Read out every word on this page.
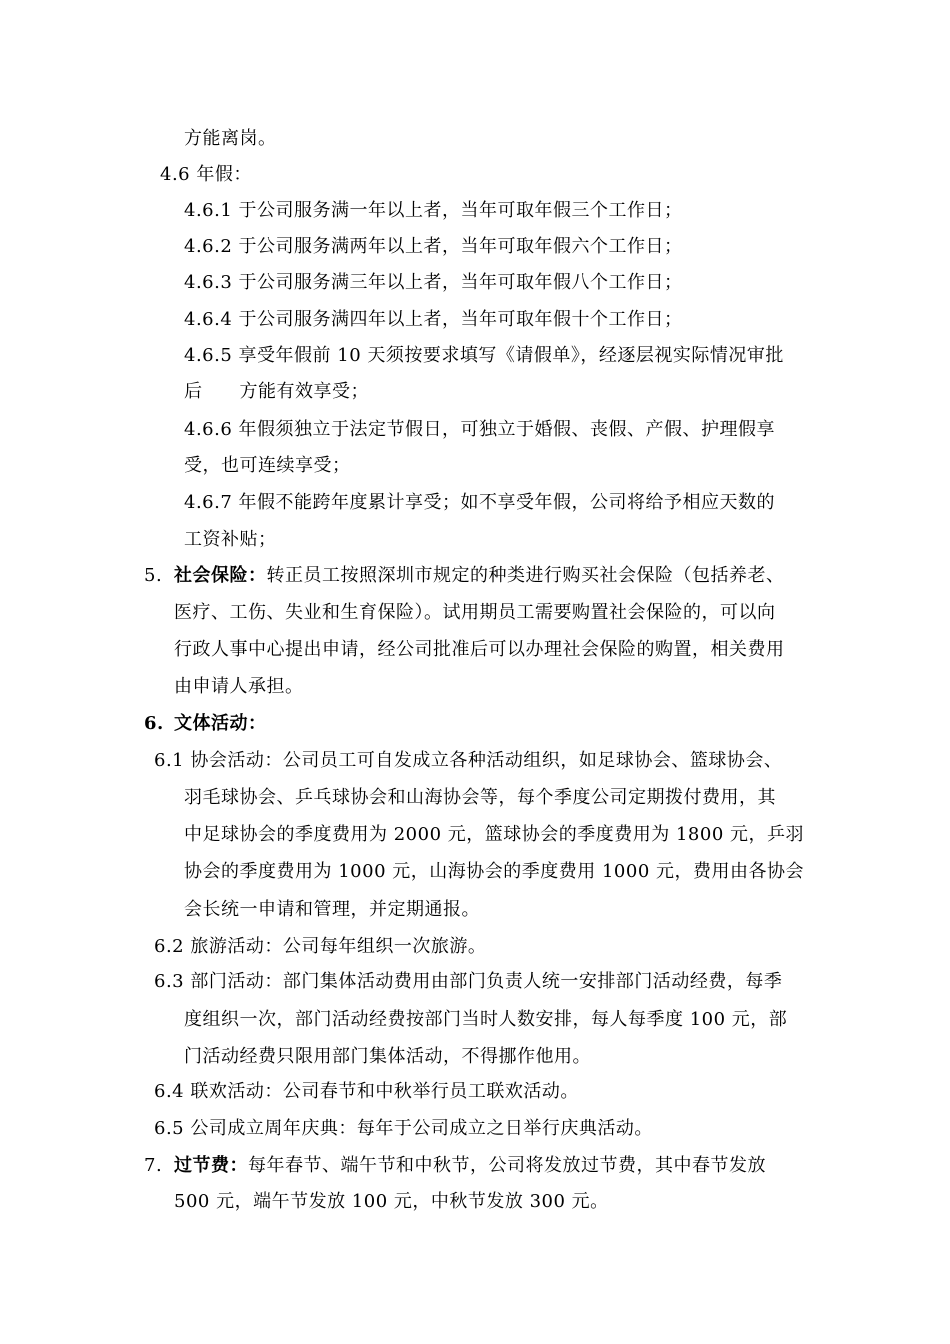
方能离岗。
4.6 年假：
4.6.1 于公司服务满一年以上者，当年可取年假三个工作日；
4.6.2 于公司服务满两年以上者，当年可取年假六个工作日；
4.6.3 于公司服务满三年以上者，当年可取年假八个工作日；
4.6.4 于公司服务满四年以上者，当年可取年假十个工作日；
4.6.5 享受年假前 10 天须按要求填写《请假单》，经逐层视实际情况审批
后　　方能有效享受；
4.6.6 年假须独立于法定节假日，可独立于婚假、丧假、产假、护理假享
受，也可连续享受；
4.6.7 年假不能跨年度累计享受；如不享受年假，公司将给予相应天数的
工资补贴；
5. 社会保险：转正员工按照深圳市规定的种类进行购买社会保险（包括养老、
医疗、工伤、失业和生育保险）。试用期员工需要购置社会保险的，可以向
行政人事中心提出申请，经公司批准后可以办理社会保险的购置，相关费用
由申请人承担。
6. 文体活动：
6.1 协会活动：公司员工可自发成立各种活动组织，如足球协会、篮球协会、
羽毛球协会、乒乓球协会和山海协会等，每个季度公司定期拨付费用，其
中足球协会的季度费用为 2000 元，篮球协会的季度费用为 1800 元，乒羽
协会的季度费用为 1000 元，山海协会的季度费用 1000 元，费用由各协会
会长统一申请和管理，并定期通报。
6.2 旅游活动：公司每年组织一次旅游。
6.3 部门活动：部门集体活动费用由部门负责人统一安排部门活动经费，每季
度组织一次，部门活动经费按部门当时人数安排，每人每季度 100 元，部
门活动经费只限用部门集体活动，不得挪作他用。
6.4 联欢活动：公司春节和中秋举行员工联欢活动。
6.5 公司成立周年庆典：每年于公司成立之日举行庆典活动。
7. 过节费：每年春节、端午节和中秋节，公司将发放过节费，其中春节发放
500 元，端午节发放 100 元，中秋节发放 300 元。
